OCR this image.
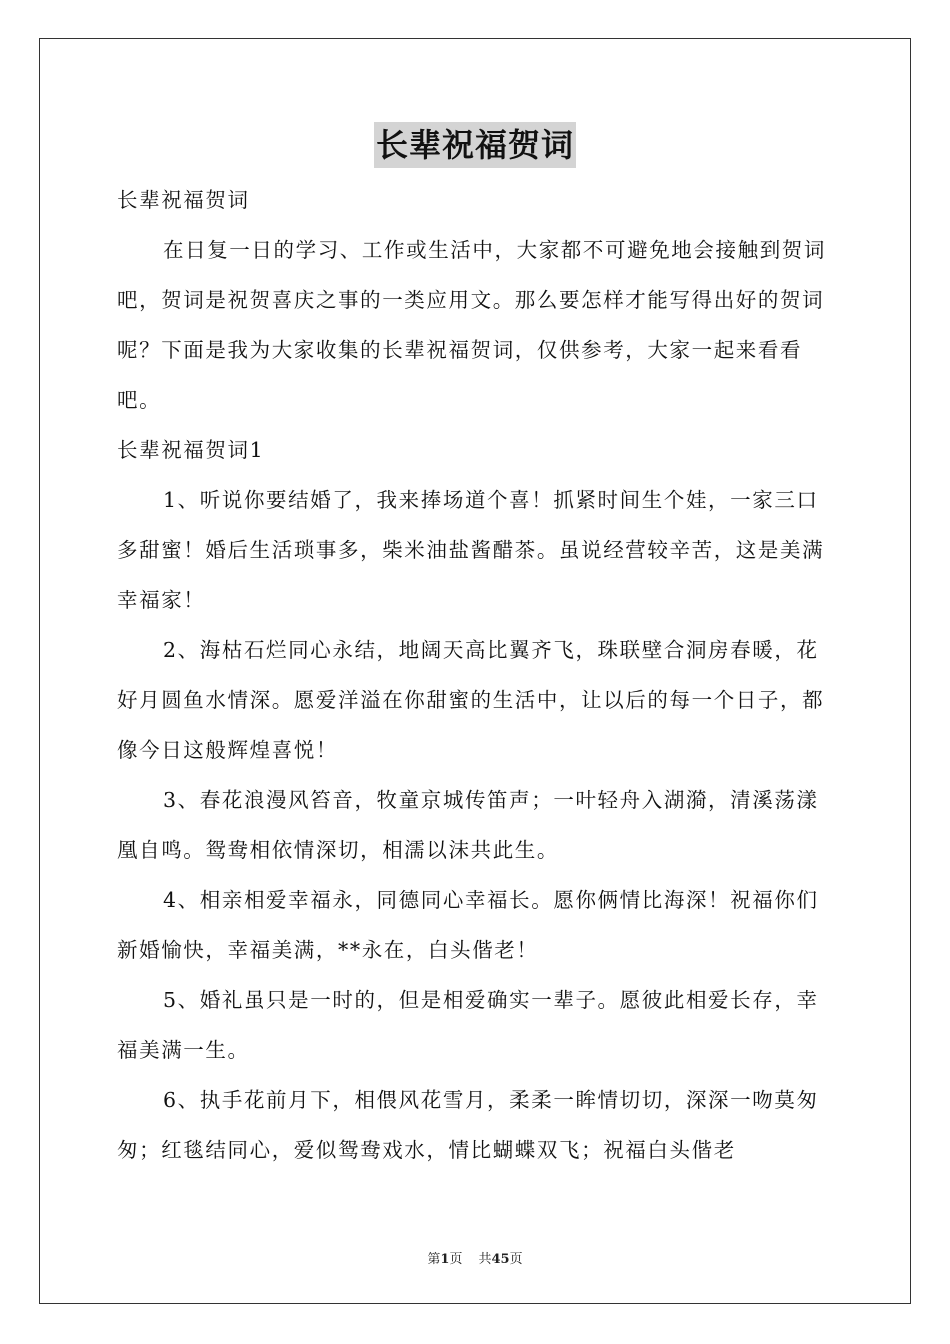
长辈祝福贺词

长辈祝福贺词

在日复一日的学习、工作或生活中，大家都不可避免地会接触到贺词吧，贺词是祝贺喜庆之事的一类应用文。那么要怎样才能写得出好的贺词呢？下面是我为大家收集的长辈祝福贺词，仅供参考，大家一起来看看吧。

长辈祝福贺词1

1、听说你要结婚了，我来捧场道个喜！抓紧时间生个娃，一家三口多甜蜜！婚后生活琐事多，柴米油盐酱醋茶。虽说经营较辛苦，这是美满幸福家！

2、海枯石烂同心永结，地阔天高比翼齐飞，珠联壁合洞房春暖，花好月圆鱼水情深。愿爱洋溢在你甜蜜的生活中，让以后的每一个日子，都像今日这般辉煌喜悦！

3、春花浪漫风笞音，牧童京城传笛声；一叶轻舟入湖漪，清溪荡漾凰自鸣。鸳鸯相依情深切，相濡以沫共此生。

4、相亲相爱幸福永，同德同心幸福长。愿你俩情比海深！祝福你们新婚愉快，幸福美满，**永在，白头偕老！

5、婚礼虽只是一时的，但是相爱确实一辈子。愿彼此相爱长存，幸福美满一生。

6、执手花前月下，相偎风花雪月，柔柔一眸情切切，深深一吻莫匆匆；红毯结同心，爱似鸳鸯戏水，情比蝴蝶双飞；祝福白头偕老

第1页 共45页
